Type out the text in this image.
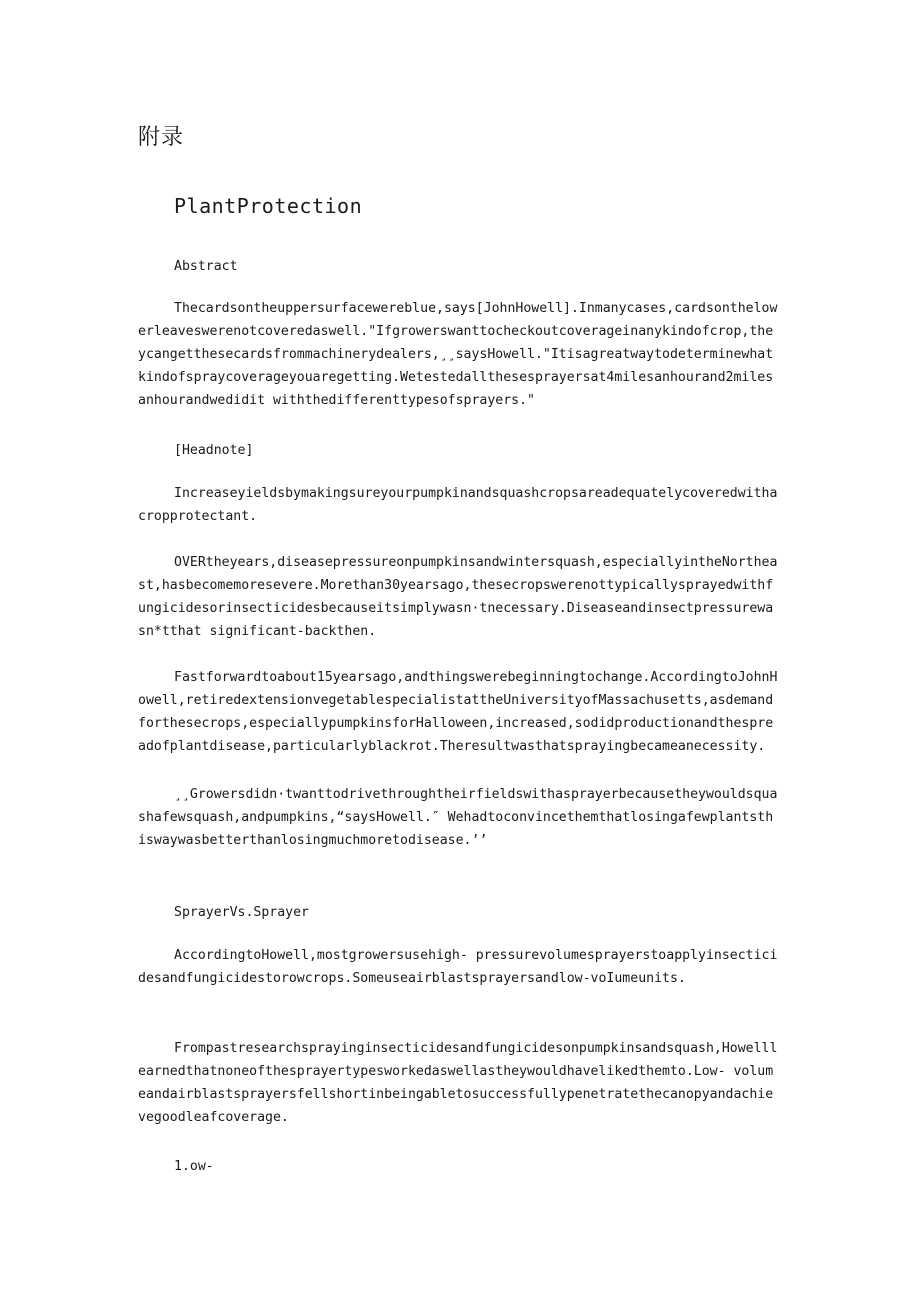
附录
PlantProtection
Abstract
Thecardsontheuppersurfacewereblue,says[JohnHowell].Inmanycases,cardsonthelowerleaveswerenotcoveredaswell."Ifgrowerswanttocheckoutcoverageinanykindofcrop,theycangetthesecardsfrommachinerydealers,¸¸saysHowell."Itisagreatwaytodeterminewhatkindofspraycoverageyouaregetting.Wetestedallthesesprayersat4milesanhourand2milesanhourandwedidit withthedifferenttypesofsprayers."
[Headnote]
Increaseyieldsbymakingsureyourpumpkinandsquashcropsareadequatelycoveredwithacropprotectant.
OVERtheyears,diseasepressureonpumpkinsandwintersquash,especiallyintheNortheast,hasbecomemoresevere.Morethan30yearsago,thesecropswerenottypicallysprayedwithfungicidesorinsecticidesbecauseitsimplywasn·tnecessary.Diseaseandinsectpressurewasn*tthat significant-backthen.
Fastforwardtoabout15yearsago,andthingswerebeginningtochange.AccordingtoJohnHowell,retiredextensionvegetablespecialistattheUniversityofMassachusetts,asdemandforthesecrops,especiallypumpkinsforHalloween,increased,sodidproductionandthespreadofplantdisease,particularlyblackrot.Theresultwasthatsprayingbecameanecessity.
¸¸Growersdidn·twanttodrivethroughtheirfieldswithasprayerbecausetheywouldsquashafewsquash,andpumpkins,“saysHowell.″ Wehadtoconvincethemthatlosingafewplantsthiswaywasbetterthanlosingmuchmoretodisease.’’
SprayerVs.Sprayer
AccordingtoHowell,mostgrowersusehigh- pressurevolumesprayerstoapplyinsecticidesandfungicidestorowcrops.Someuseairblastsprayersandlow-voIumeunits.
Frompastresearchsprayinginsecticidesandfungicidesonpumpkinsandsquash,Howelllearnedthatnoneofthesprayertypesworkedaswellastheywouldhavelikedthemto.Low- volumeandairblastsprayersfellshortinbeingabletosuccessfullypenetratethecanopyandachievegoodleafcoverage.
1.ow-
